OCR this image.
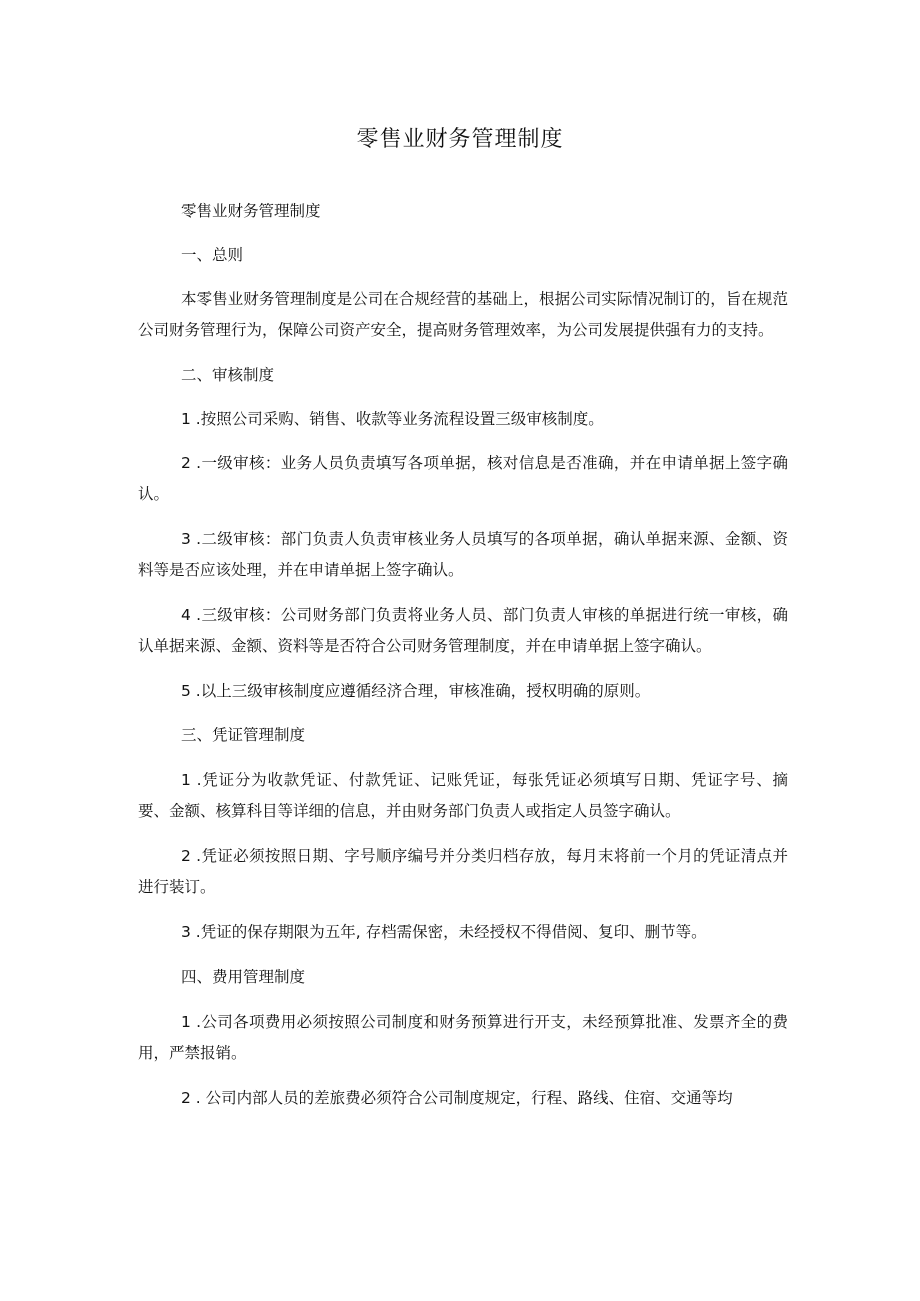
零售业财务管理制度

零售业财务管理制度

一、总则

本零售业财务管理制度是公司在合规经营的基础上，根据公司实际情况制订的，旨在规范公司财务管理行为，保障公司资产安全，提高财务管理效率，为公司发展提供强有力的支持。

二、审核制度

1 .按照公司采购、销售、收款等业务流程设置三级审核制度。

2 .一级审核：业务人员负责填写各项单据，核对信息是否准确，并在申请单据上签字确认。

3 .二级审核：部门负责人负责审核业务人员填写的各项单据，确认单据来源、金额、资料等是否应该处理，并在申请单据上签字确认。

4 .三级审核：公司财务部门负责将业务人员、部门负责人审核的单据进行统一审核，确认单据来源、金额、资料等是否符合公司财务管理制度，并在申请单据上签字确认。

5 .以上三级审核制度应遵循经济合理，审核准确，授权明确的原则。

三、凭证管理制度

1 .凭证分为收款凭证、付款凭证、记账凭证，每张凭证必须填写日期、凭证字号、摘要、金额、核算科目等详细的信息，并由财务部门负责人或指定人员签字确认。

2 .凭证必须按照日期、字号顺序编号并分类归档存放，每月末将前一个月的凭证清点并进行装订。

3 .凭证的保存期限为五年, 存档需保密，未经授权不得借阅、复印、删节等。

四、费用管理制度

1 .公司各项费用必须按照公司制度和财务预算进行开支，未经预算批准、发票齐全的费用，严禁报销。

2 . 公司内部人员的差旅费必须符合公司制度规定，行程、路线、住宿、交通等均
